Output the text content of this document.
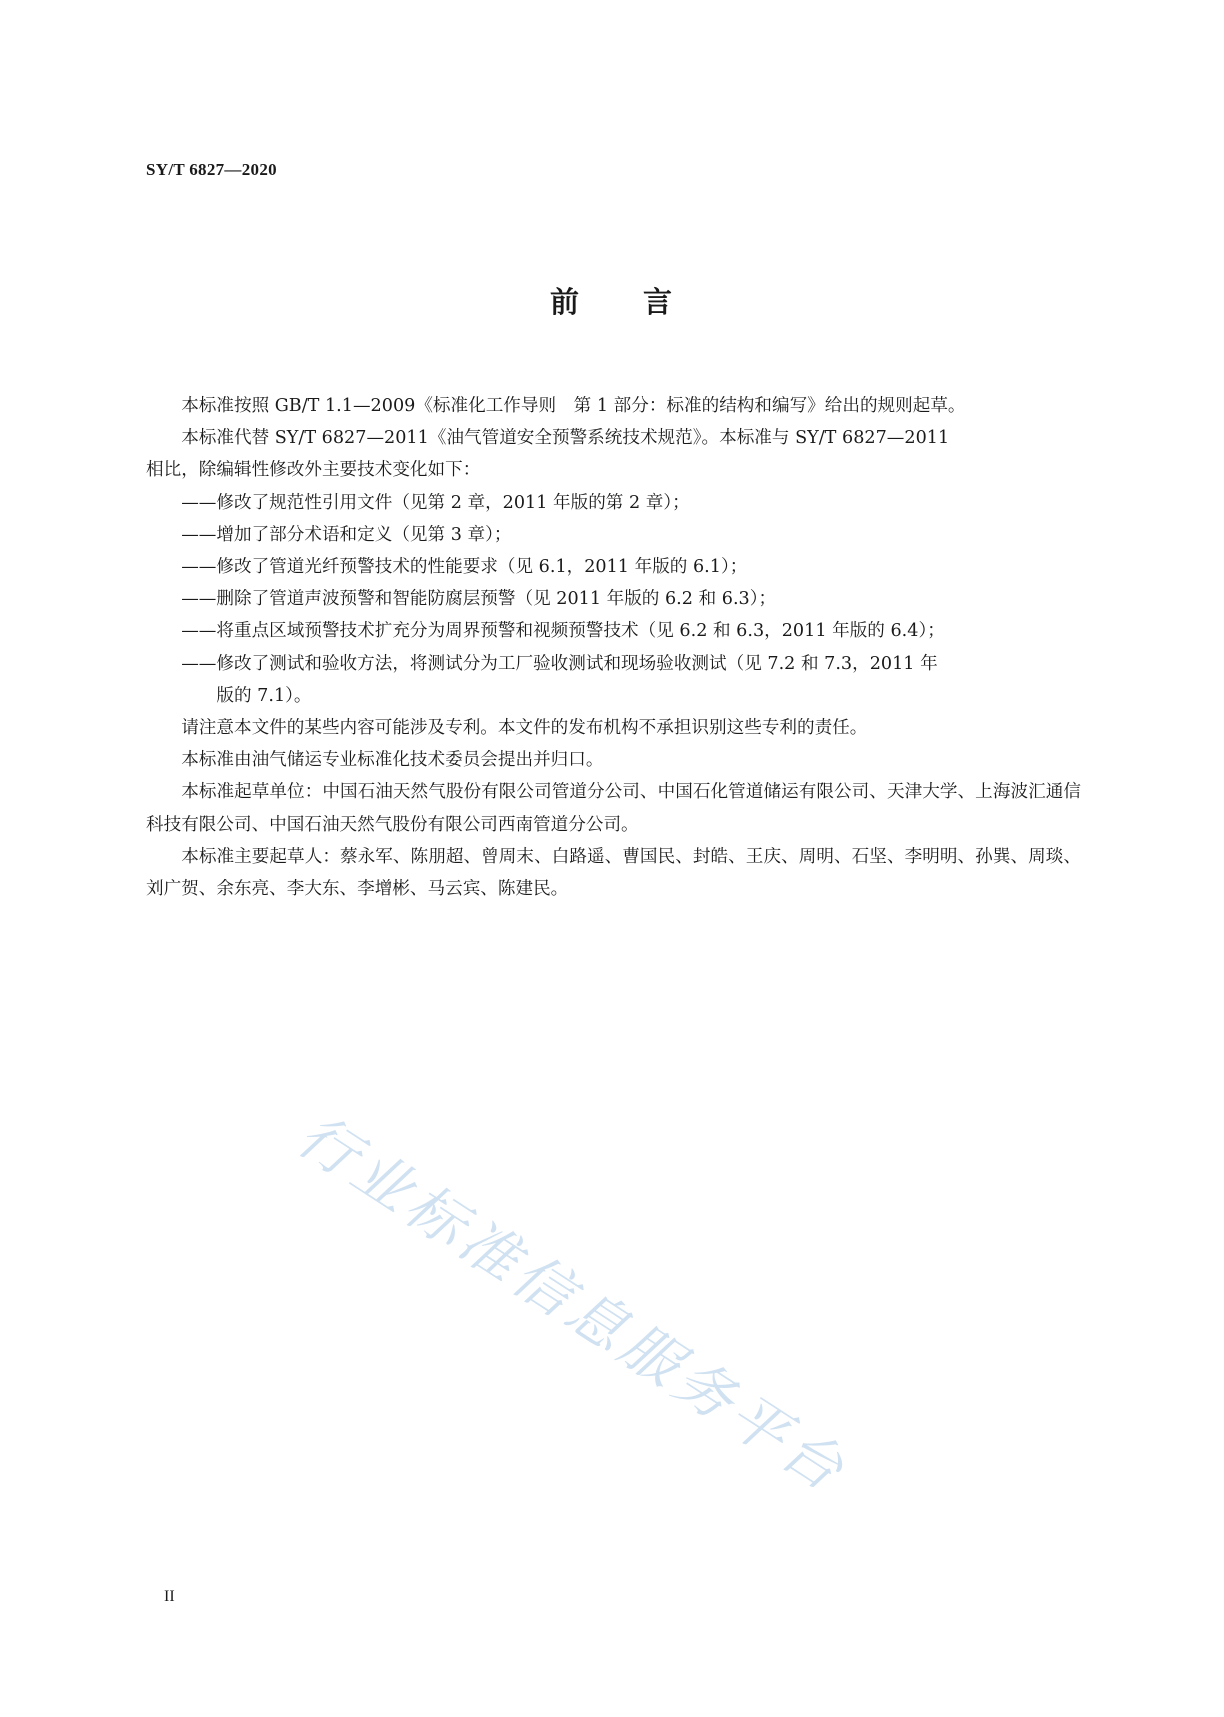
SY/T 6827—2020
前 言

本标准按照 GB/T 1.1—2009《标准化工作导则　第 1 部分：标准的结构和编写》给出的规则起草。

本标准代替 SY/T 6827—2011《油气管道安全预警系统技术规范》。本标准与 SY/T 6827—2011

相比，除编辑性修改外主要技术变化如下：

——修改了规范性引用文件（见第 2 章，2011 年版的第 2 章）；

——增加了部分术语和定义（见第 3 章）；

——修改了管道光纤预警技术的性能要求（见 6.1，2011 年版的 6.1）；

——删除了管道声波预警和智能防腐层预警（见 2011 年版的 6.2 和 6.3）；

——将重点区域预警技术扩充分为周界预警和视频预警技术（见 6.2 和 6.3，2011 年版的 6.4）；

——修改了测试和验收方法，将测试分为工厂验收测试和现场验收测试（见 7.2 和 7.3，2011 年
版的 7.1）。

请注意本文件的某些内容可能涉及专利。本文件的发布机构不承担识别这些专利的责任。

本标准由油气储运专业标准化技术委员会提出并归口。

本标准起草单位：中国石油天然气股份有限公司管道分公司、中国石化管道储运有限公司、天津大学、上海波汇通信科技有限公司、中国石油天然气股份有限公司西南管道分公司。

本标准主要起草人：蔡永军、陈朋超、曾周末、白路遥、曹国民、封皓、王庆、周明、石坚、李明明、孙巽、周琰、刘广贺、余东亮、李大东、李增彬、马云宾、陈建民。

行业标准信息服务平台
II
